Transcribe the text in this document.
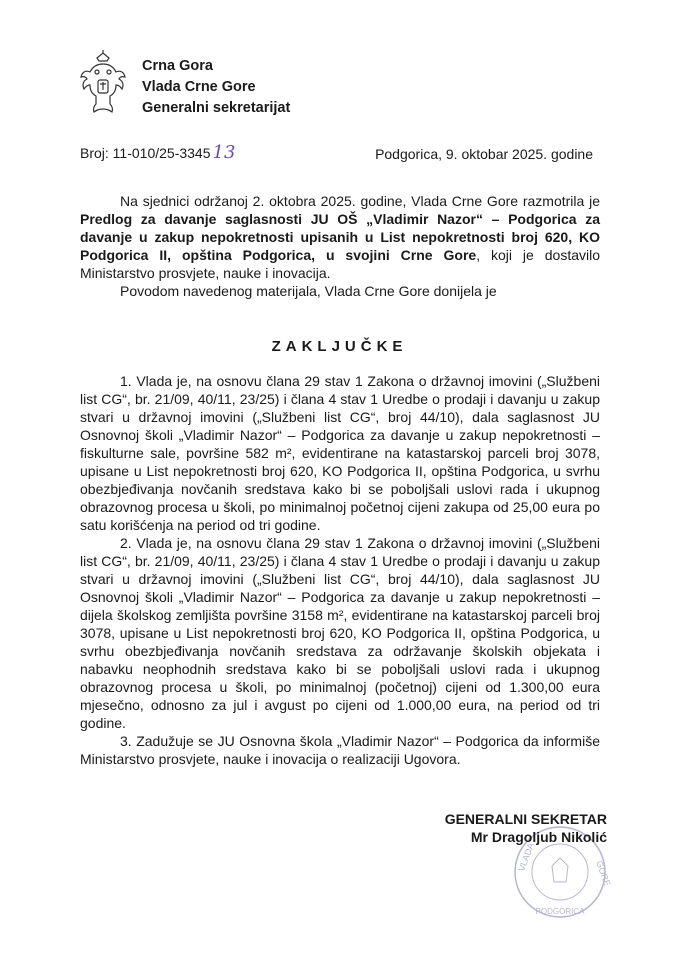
Crna Gora
Vlada Crne Gore
Generalni sekretarijat
Broj: 11-010/25-3345 13	Podgorica, 9. oktobar 2025. godine

Na sjednici održanoj 2. oktobra 2025. godine, Vlada Crne Gore razmotrila je Predlog za davanje saglasnosti JU OŠ „Vladimir Nazor“ – Podgorica za davanje u zakup nepokretnosti upisanih u List nepokretnosti broj 620, KO Podgorica II, opština Podgorica, u svojini Crne Gore, koji je dostavilo Ministarstvo prosvjete, nauke i inovacija.

Povodom navedenog materijala, Vlada Crne Gore donijela je

ZAKLJUČKE

1. Vlada je, na osnovu člana 29 stav 1 Zakona o državnoj imovini („Službeni list CG“, br. 21/09, 40/11, 23/25) i člana 4 stav 1 Uredbe o prodaji i davanju u zakup stvari u državnoj imovini („Službeni list CG“, broj 44/10), dala saglasnost JU Osnovnoj školi „Vladimir Nazor“ – Podgorica za davanje u zakup nepokretnosti – fiskulturne sale, površine 582 m², evidentirane na katastarskoj parceli broj 3078, upisane u List nepokretnosti broj 620, KO Podgorica II, opština Podgorica, u svrhu obezbjeđivanja novčanih sredstava kako bi se poboljšali uslovi rada i ukupnog obrazovnog procesa u školi, po minimalnoj početnoj cijeni zakupa od 25,00 eura po satu korišćenja na period od tri godine.

2. Vlada je, na osnovu člana 29 stav 1 Zakona o državnoj imovini („Službeni list CG“, br. 21/09, 40/11, 23/25) i člana 4 stav 1 Uredbe o prodaji i davanju u zakup stvari u državnoj imovini („Službeni list CG“, broj 44/10), dala saglasnost JU Osnovnoj školi „Vladimir Nazor“ – Podgorica za davanje u zakup nepokretnosti – dijela školskog zemljišta površine 3158 m², evidentirane na katastarskoj parceli broj 3078, upisane u List nepokretnosti broj 620, KO Podgorica II, opština Podgorica, u svrhu obezbjeđivanja novčanih sredstava za održavanje školskih objekata i nabavku neophodnih sredstava kako bi se poboljšali uslovi rada i ukupnog obrazovnog procesa u školi, po minimalnoj (početnoj) cijeni od 1.300,00 eura mjesečno, odnosno za jul i avgust po cijeni od 1.000,00 eura, na period od tri godine.

3. Zadužuje se JU Osnovna škola „Vladimir Nazor“ – Podgorica da informiše Ministarstvo prosvjete, nauke i inovacija o realizaciji Ugovora.

VLADA
GORE
PODGORICA
GENERALNI SEKRETAR
Mr Dragoljub Nikolić
